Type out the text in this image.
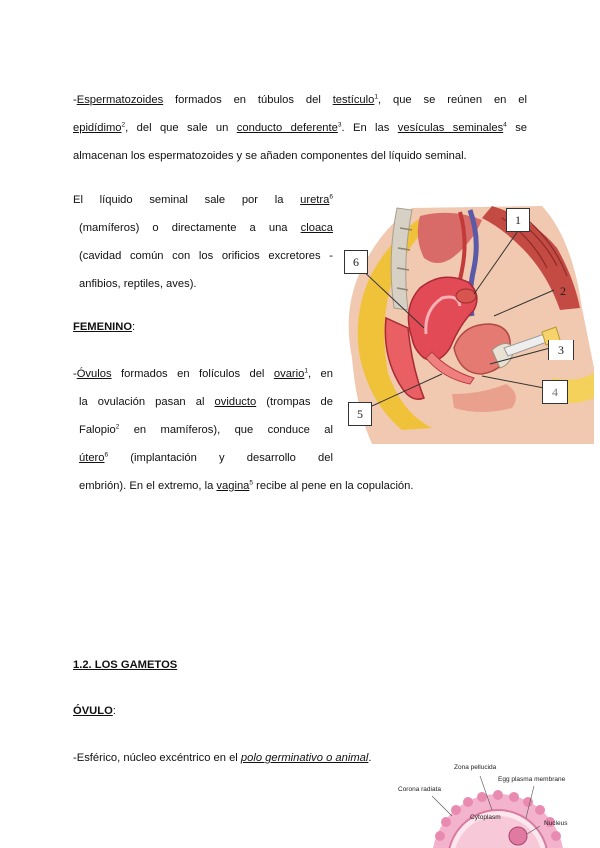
-Espermatozoides formados en túbulos del testículo$^1$, que se reúnen en el
epidídimo$^2$, del que sale un conducto deferente$^3$. En las vesículas seminales$^4$ se
almacenan los espermatozoides y se añaden componentes del líquido seminal.
El líquido seminal sale por la uretra$^6$
(mamíferos) o directamente a una cloaca
(cavidad común con los orificios excretores -
anfibios, reptiles, aves).
FEMENINO:
-Óvulos formados en folículos del ovario$^1$, en
la ovulación pasan al oviducto (trompas de
Falopio$^2$ en mamíferos), que conduce al
útero$^6$ (implantación y desarrollo del
embrión). En el extremo, la vagina$^5$ recibe al pene en la copulación.
1
2
3
4
5
6
1.2. LOS GAMETOS
ÓVULO:
-Esférico, núcleo excéntrico en el polo germinativo o animal.
Zona pellucida
Egg plasma membrane
Corona radiata
Cytoplasm
Nucleus
